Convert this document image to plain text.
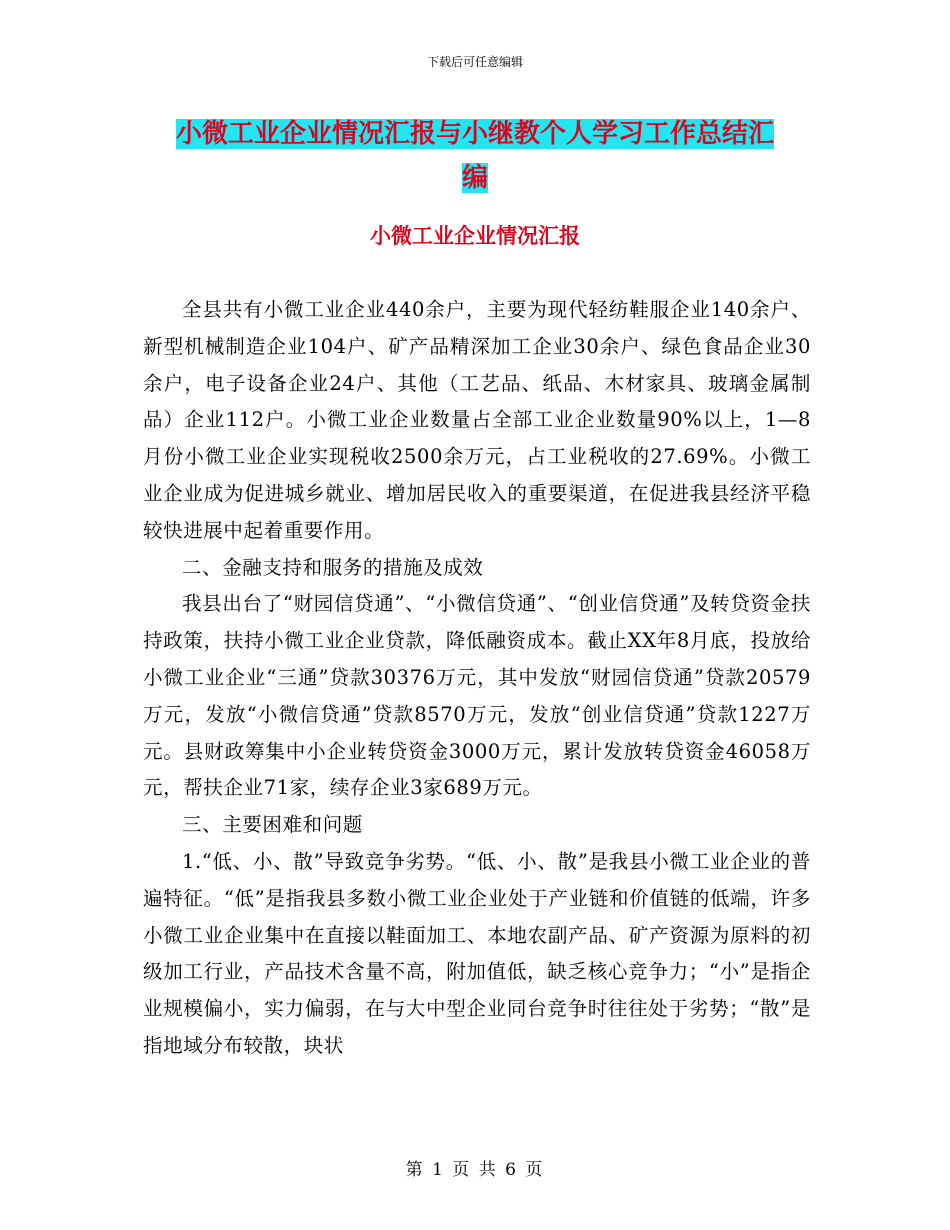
下载后可任意编辑
小微工业企业情况汇报与小继教个人学习工作总结汇
编
小微工业企业情况汇报

全县共有小微工业企业440余户，主要为现代轻纺鞋服企业140余户、新型机械制造企业104户、矿产品精深加工企业30余户、绿色食品企业30余户，电子设备企业24户、其他（工艺品、纸品、木材家具、玻璃金属制品）企业112户。小微工业企业数量占全部工业企业数量90%以上，1—8月份小微工业企业实现税收2500余万元，占工业税收的27.69%。小微工业企业成为促进城乡就业、增加居民收入的重要渠道，在促进我县经济平稳较快进展中起着重要作用。

二、金融支持和服务的措施及成效

我县出台了“财园信贷通”、“小微信贷通”、“创业信贷通”及转贷资金扶持政策，扶持小微工业企业贷款，降低融资成本。截止XX年8月底，投放给小微工业企业“三通”贷款30376万元，其中发放“财园信贷通”贷款20579万元，发放“小微信贷通”贷款8570万元，发放“创业信贷通”贷款1227万元。县财政筹集中小企业转贷资金3000万元，累计发放转贷资金46058万元，帮扶企业71家，续存企业3家689万元。

三、主要困难和问题

1.“低、小、散”导致竞争劣势。“低、小、散”是我县小微工业企业的普遍特征。“低”是指我县多数小微工业企业处于产业链和价值链的低端，许多小微工业企业集中在直接以鞋面加工、本地农副产品、矿产资源为原料的初级加工行业，产品技术含量不高，附加值低，缺乏核心竞争力；“小”是指企业规模偏小，实力偏弱，在与大中型企业同台竞争时往往处于劣势；“散”是指地域分布较散，块状

第 1 页 共 6 页
